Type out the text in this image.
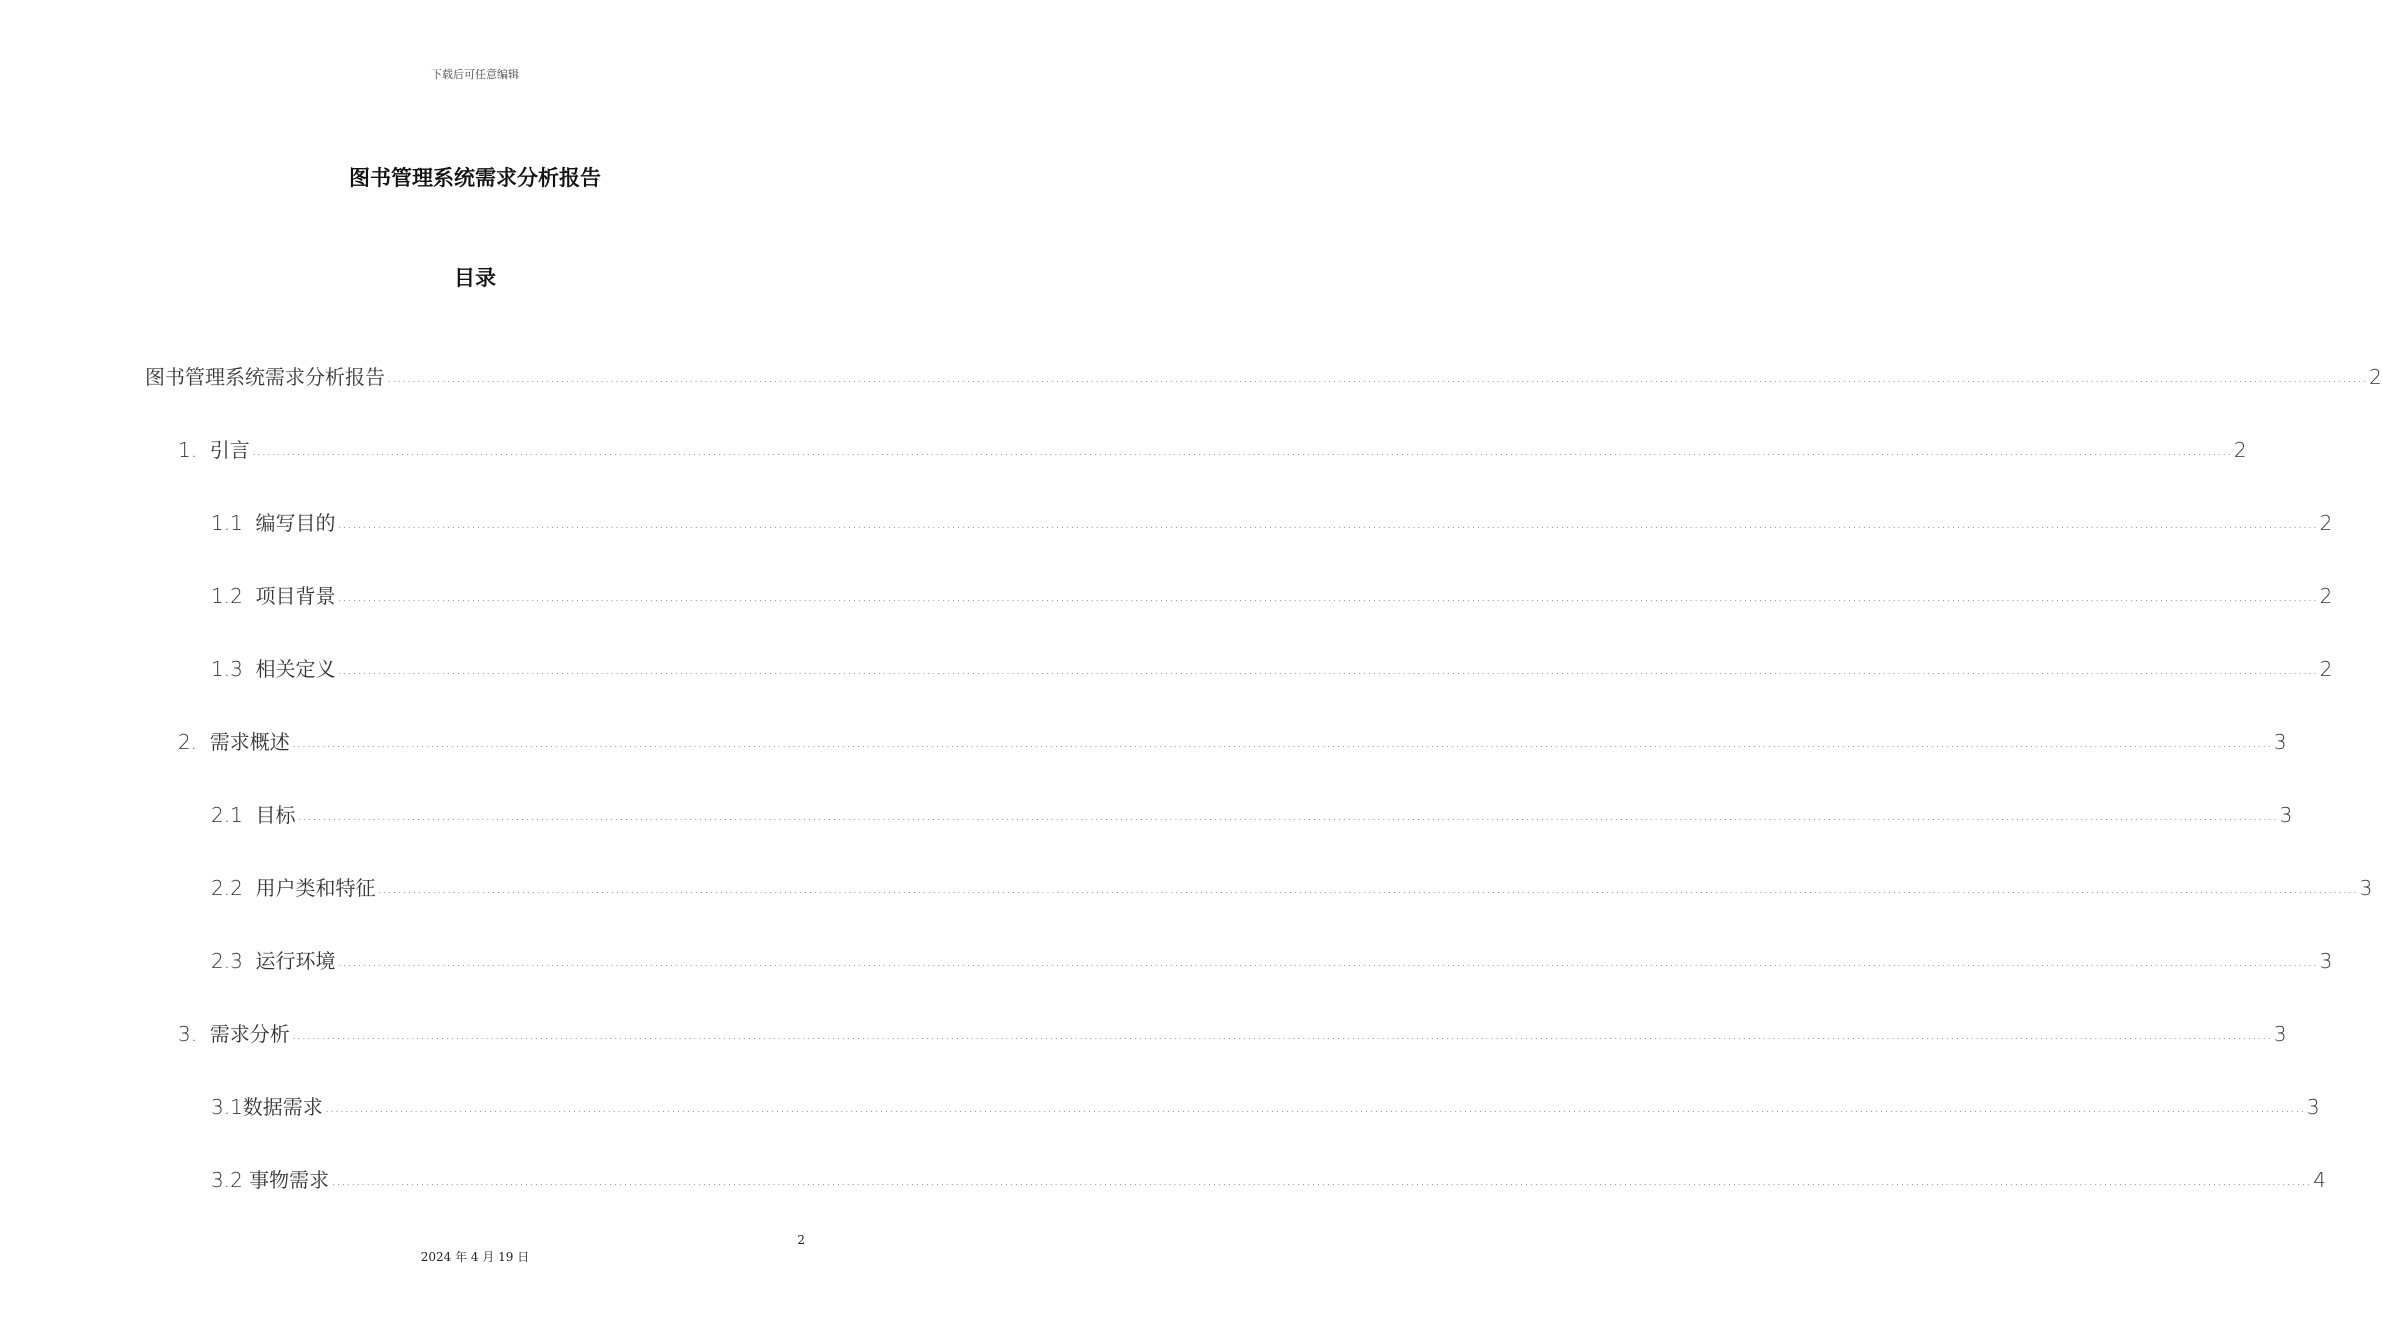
下载后可任意编辑
图书管理系统需求分析报告
目录
图书管理系统需求分析报告 ................................................................................................................................................................................................................................................................................................................................................................................................................ 2
1.  引言 ................................................................................................................................................................................................................................................................................................................................................................................................................ 2
1.1  编写目的 ................................................................................................................................................................................................................................................................................................................................................................................................................ 2
1.2  项目背景 ................................................................................................................................................................................................................................................................................................................................................................................................................ 2
1.3  相关定义 ................................................................................................................................................................................................................................................................................................................................................................................................................ 2
2.  需求概述 ................................................................................................................................................................................................................................................................................................................................................................................................................ 3
2.1  目标 ................................................................................................................................................................................................................................................................................................................................................................................................................ 3
2.2  用户类和特征 ................................................................................................................................................................................................................................................................................................................................................................................................................ 3
2.3  运行环境 ................................................................................................................................................................................................................................................................................................................................................................................................................ 3
3.  需求分析 ................................................................................................................................................................................................................................................................................................................................................................................................................ 3
3.1数据需求 ................................................................................................................................................................................................................................................................................................................................................................................................................ 3
3.2 事物需求 ................................................................................................................................................................................................................................................................................................................................................................................................................ 4
2
2024 年 4 月 19 日
